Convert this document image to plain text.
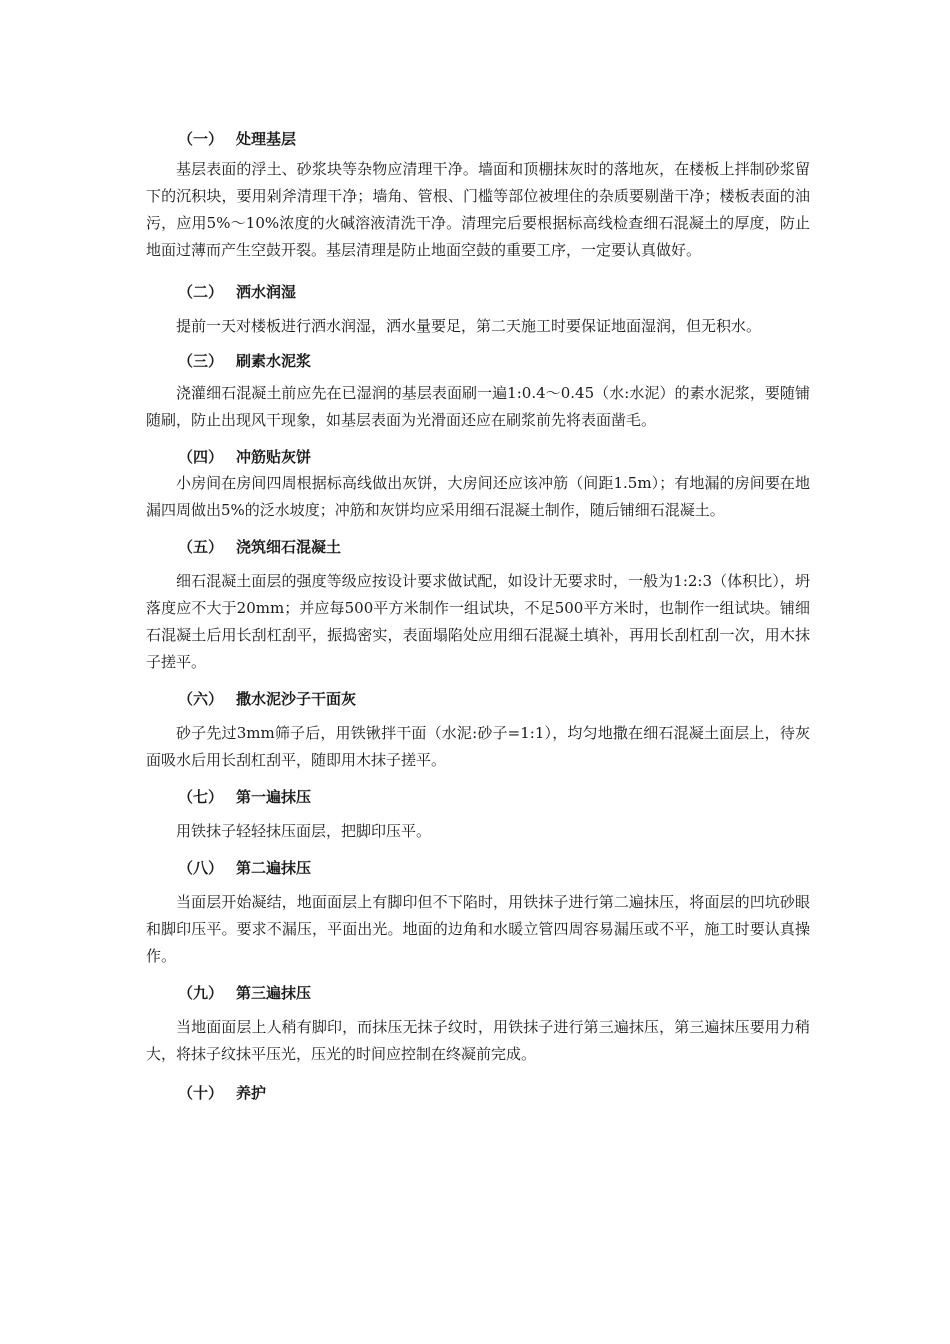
（一） 处理基层

基层表面的浮土、砂浆块等杂物应清理干净。墙面和顶棚抹灰时的落地灰，在楼板上拌制砂浆留下的沉积块，要用剁斧清理干净；墙角、管根、门槛等部位被埋住的杂质要剔凿干净；楼板表面的油污，应用5%～10%浓度的火碱溶液清洗干净。清理完后要根据标高线检查细石混凝土的厚度，防止地面过薄而产生空鼓开裂。基层清理是防止地面空鼓的重要工序，一定要认真做好。

（二） 洒水润湿

提前一天对楼板进行洒水润湿，洒水量要足，第二天施工时要保证地面湿润，但无积水。

（三） 刷素水泥浆

浇灌细石混凝土前应先在已湿润的基层表面刷一遍1:0.4～0.45（水:水泥）的素水泥浆，要随铺随刷，防止出现风干现象，如基层表面为光滑面还应在刷浆前先将表面凿毛。

（四） 冲筋贴灰饼

小房间在房间四周根据标高线做出灰饼，大房间还应该冲筋（间距1.5m）；有地漏的房间要在地漏四周做出5%的泛水坡度；冲筋和灰饼均应采用细石混凝土制作，随后铺细石混凝土。

（五） 浇筑细石混凝土

细石混凝土面层的强度等级应按设计要求做试配，如设计无要求时，一般为1:2:3（体积比），坍落度应不大于20mm；并应每500平方米制作一组试块，不足500平方米时，也制作一组试块。铺细石混凝土后用长刮杠刮平，振捣密实，表面塌陷处应用细石混凝土填补，再用长刮杠刮一次，用木抹子搓平。

（六） 撒水泥沙子干面灰

砂子先过3mm筛子后，用铁锹拌干面（水泥:砂子=1:1），均匀地撒在细石混凝土面层上，待灰面吸水后用长刮杠刮平，随即用木抹子搓平。

（七） 第一遍抹压

用铁抹子轻轻抹压面层，把脚印压平。

（八） 第二遍抹压

当面层开始凝结，地面面层上有脚印但不下陷时，用铁抹子进行第二遍抹压，将面层的凹坑砂眼和脚印压平。要求不漏压，平面出光。地面的边角和水暖立管四周容易漏压或不平，施工时要认真操作。

（九） 第三遍抹压

当地面面层上人稍有脚印，而抹压无抹子纹时，用铁抹子进行第三遍抹压，第三遍抹压要用力稍大，将抹子纹抹平压光，压光的时间应控制在终凝前完成。

（十） 养护
